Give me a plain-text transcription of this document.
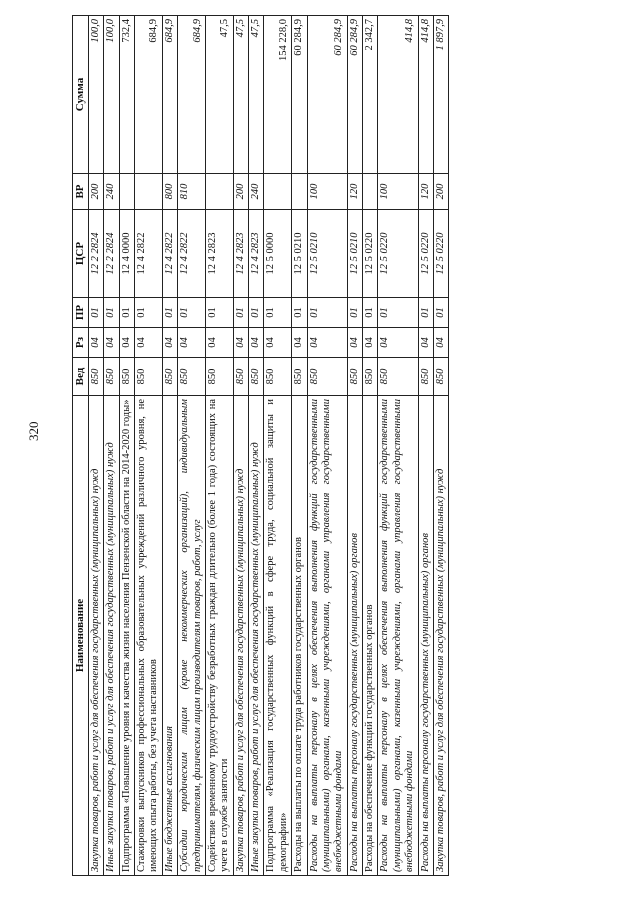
320
Наименование	Вед	Рз	ПР	ЦСР	ВР	Сумма
Закупка товаров, работ и услуг для обеспечения государственных (муниципальных) нужд	850	04	01	12 2 2824	200	100,0
Иные закупки товаров, работ и услуг для обеспечения государственных (муниципальных) нужд	850	04	01	12 2 2824	240	100,0
Подпрограмма «Повышение уровня и качества жизни населения Пензенской области на 2014-2020 годы»	850	04	01	12 4 0000		732,4
Стажировки выпускников профессиональных образовательных учреждений различного уровня, не имеющих опыта работы, без учета наставников	850	04	01	12 4 2822		684,9
Иные бюджетные ассигнования	850	04	01	12 4 2822	800	684,9
Субсидии юридическим лицам (кроме некоммерческих организаций), индивидуальным предпринимателям, физическим лицам производителям товаров, работ, услуг	850	04	01	12 4 2822	810	684,9
Содействие временному трудоустройству безработных граждан длительно (более 1 года) состоящих на учете в службе занятости	850	04	01	12 4 2823		47,5
Закупка товаров, работ и услуг для обеспечения государственных (муниципальных) нужд	850	04	01	12 4 2823	200	47,5
Иные закупки товаров, работ и услуг для обеспечения государственных (муниципальных) нужд	850	04	01	12 4 2823	240	47,5
Подпрограмма «Реализация государственных функций в сфере труда, социальной защиты и демографии»	850	04	01	12 5 0000		154 228,0
Расходы на выплаты по оплате труда работников государственных органов	850	04	01	12 5 0210		60 284,9
Расходы на выплаты персоналу в целях обеспечения выполнения функций государственными (муниципальными) органами, казенными учреждениями, органами управления государственными внебюджетными фондами	850	04	01	12 5 0210	100	60 284,9
Расходы на выплаты персоналу государственных (муниципальных) органов	850	04	01	12 5 0210	120	60 284,9
Расходы на обеспечение функций государственных органов	850	04	01	12 5 0220		2 342,7
Расходы на выплаты персоналу в целях обеспечения выполнения функций государственными (муниципальными) органами, казенными учреждениями, органами управления государственными внебюджетными фондами	850	04	01	12 5 0220	100	414,8
Расходы на выплаты персоналу государственных (муниципальных) органов	850	04	01	12 5 0220	120	414,8
Закупка товаров, работ и услуг для обеспечения государственных (муниципальных) нужд	850	04	01	12 5 0220	200	1 897,9
